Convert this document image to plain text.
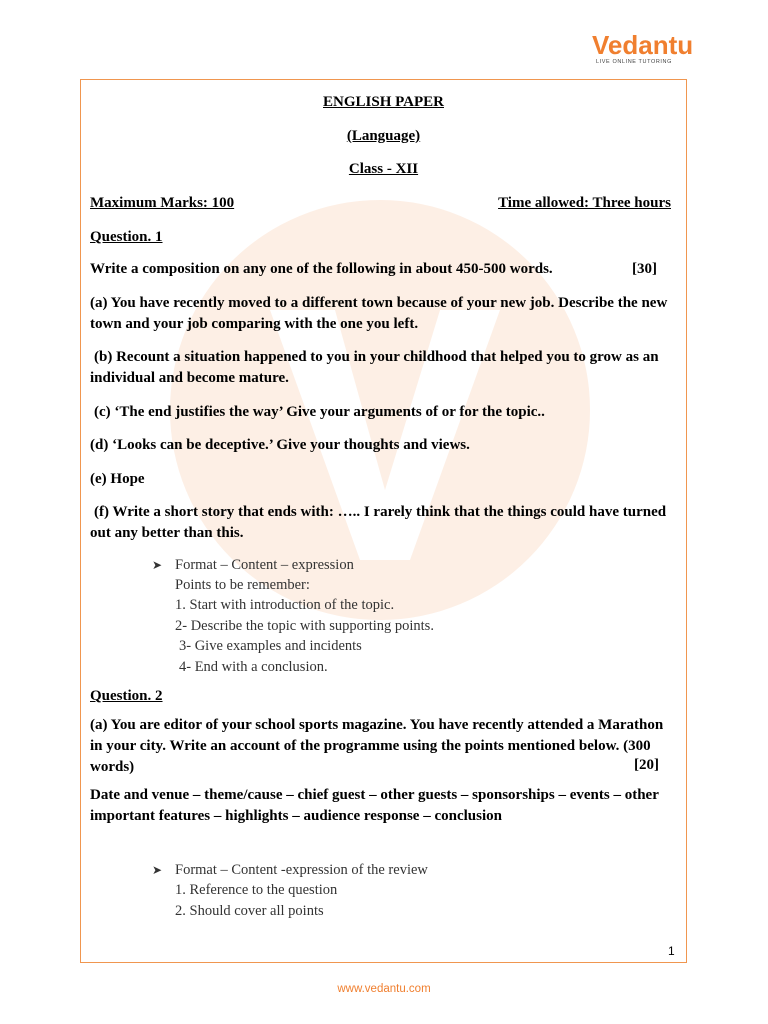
Vedantu
LIVE ONLINE TUTORING
ENGLISH PAPER
(Language)
Class - XII
Maximum Marks: 100	Time allowed: Three hours
Question. 1
Write a composition on any one of the following in about 450-500 words.	[30]
(a) You have recently moved to a different town because of your new job. Describe the new town and your job comparing with the one you left.
(b) Recount a situation happened to you in your childhood that helped you to grow as an individual and become mature.
(c) ‘The end justifies the way’ Give your arguments of or for the topic..
(d) ‘Looks can be deceptive.’ Give your thoughts and views.
(e) Hope
(f) Write a short story that ends with: ….. I rarely think that the things could have turned out any better than this.
➤ Format – Content – expression
Points to be remember:
1. Start with introduction of the topic.
2- Describe the topic with supporting points.
3- Give examples and incidents
4- End with a conclusion.
Question. 2
(a) You are editor of your school sports magazine. You have recently attended a Marathon in your city. Write an account of the programme using the points mentioned below. (300 words)	[20]
Date and venue – theme/cause – chief guest – other guests – sponsorships – events – other important features – highlights – audience response – conclusion
➤ Format – Content -expression of the review
1. Reference to the question
2. Should cover all points
1
www.vedantu.com
